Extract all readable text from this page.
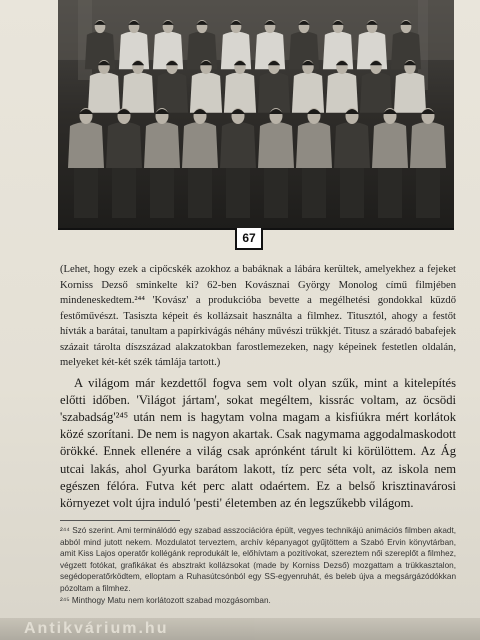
67

(Lehet, hogy ezek a cipőcskék azokhoz a babáknak a lábára kerültek, amelyekhez a fejeket Korniss Dezső sminkelte ki? 62-ben Kovásznai György Monolog című filmjében mindeneskedtem.²⁴⁴ 'Kovász' a produkcióba bevette a megélhetési gondokkal küzdő festőművészt. Tasiszta képeit és kollázsait használta a filmhez. Titusztól, ahogy a festőt hívták a barátai, tanultam a papírkivágás néhány művészi trükkjét. Titusz a száradó babafejek százait tárolta díszszázad alakzatokban farostlemezeken, nagy képeinek festetlen oldalán, melyeket két-két szék támlája tartott.)

A világom már kezdettől fogva sem volt olyan szűk, mint a kitelepítés előtti időben. 'Világot jártam', sokat megéltem, kissrác voltam, az öcsödi 'szabadság'²⁴⁵ után nem is hagytam volna magam a kisfiúkra mért korlátok közé szorítani. De nem is nagyon akartak. Csak nagymama aggodalmaskodott örökké. Ennek ellenére a világ csak aprónként tárult ki körülöttem. Az Ág utcai lakás, ahol Gyurka barátom lakott, tíz perc séta volt, az iskola nem egészen félóra. Futva két perc alatt odaértem. Ez a belső krisztinavárosi környezet volt újra induló 'pesti' életemben az én legszűkebb világom.

²⁴⁴ Szó szerint. Ami terminálódó egy szabad asszociációra épült, vegyes technikájú animációs filmben akadt, abból mind jutott nekem. Mozdulatot terveztem, archív képanyagot gyűjtöttem a Szabó Ervin könyvtárban, amit Kiss Lajos operatőr kollégánk reprodukált le, előhívtam a pozitívokat, szereztem női szereplőt a filmhez, végzett fotókat, grafikákat és absztrakt kollázsokat (made by Korniss Dezső) mozgattam a trükkasztalon, segédoperatőrködtem, elloptam a Ruhasútcsónból egy SS-egyenruhát, és beleb újva a megsárgázódókkan pózoltam a filmhez.

²⁴⁵ Minthogy Matu nem korlátozott szabad mozgásomban.

Antikvárium.hu
